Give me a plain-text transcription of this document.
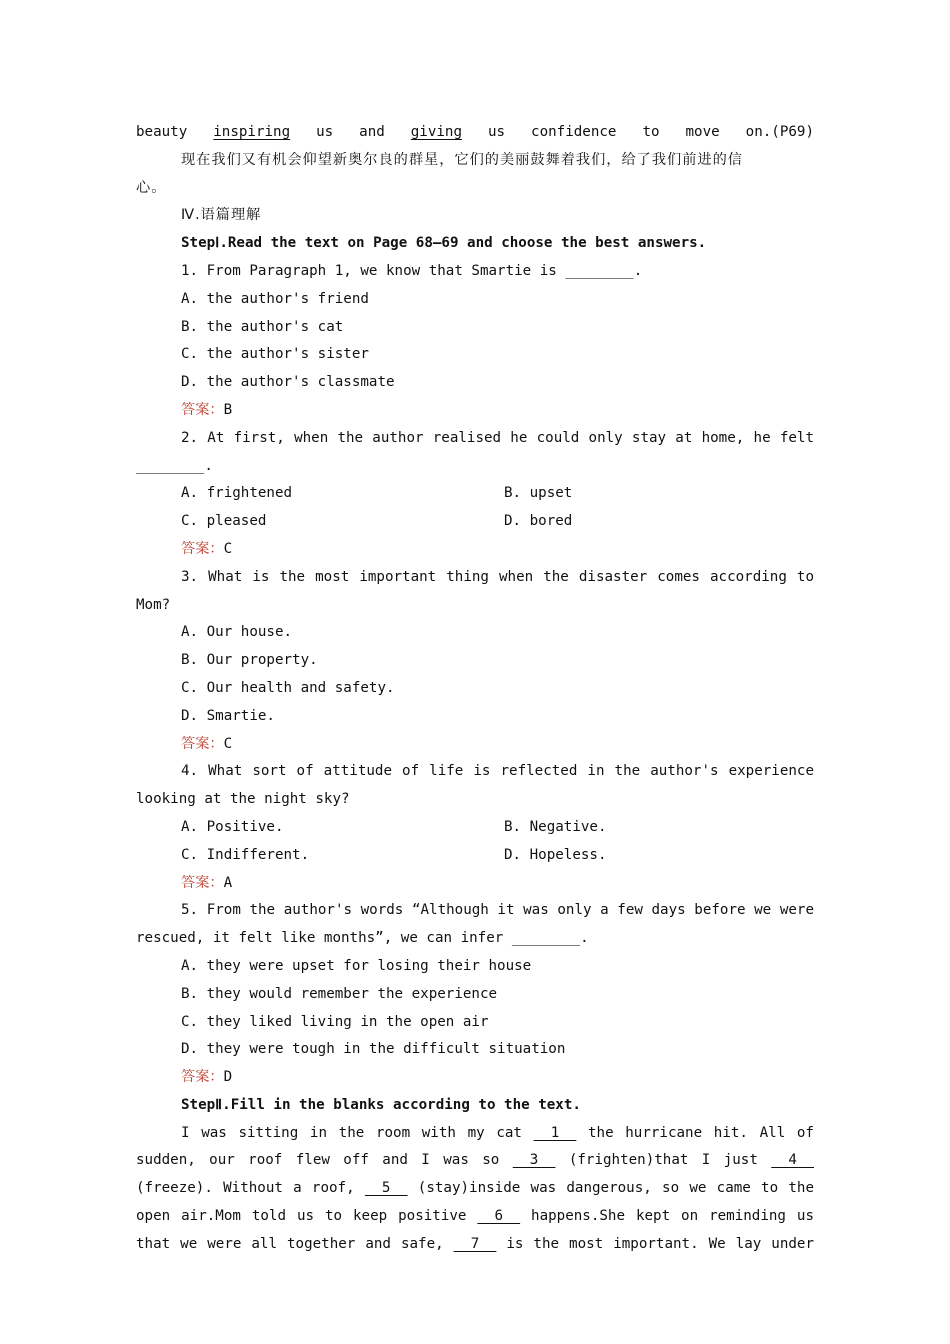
beauty inspiring us and giving us confidence to move on.(P69)
现在我们又有机会仰望新奥尔良的群星，它们的美丽鼓舞着我们，给了我们前进的信
心。
Ⅳ.语篇理解
StepⅠ.Read the text on Page 68—69 and choose the best answers.
1. From Paragraph 1, we know that Smartie is ________.
A. the author's friend
B. the author's cat
C. the author's sister
D. the author's classmate
答案：B
2. At first, when the author realised he could only stay at home, he felt
________.
A. frightened	B. upset
C. pleased	D. bored
答案：C
3. What is the most important thing when the disaster comes according to
Mom?
A. Our house.
B. Our property.
C. Our health and safety.
D. Smartie.
答案：C
4. What sort of attitude of life is reflected in the author's experience
looking at the night sky?
A. Positive.	B. Negative.
C. Indifferent.	D. Hopeless.
答案：A
5. From the author's words “Although it was only a few days before we were
rescued, it felt like months”, we can infer ________.
A. they were upset for losing their house
B. they would remember the experience
C. they liked living in the open air
D. they were tough in the difficult situation
答案：D
StepⅡ.Fill in the blanks according to the text.
I was sitting in the room with my cat   1   the hurricane hit. All of
sudden, our roof flew off and I was so   3   (frighten)that I just   4
(freeze). Without a roof,   5   (stay)inside was dangerous, so we came to the
open air.Mom told us to keep positive   6   happens.She kept on reminding us
that we were all together and safe,   7   is the most important. We lay under
